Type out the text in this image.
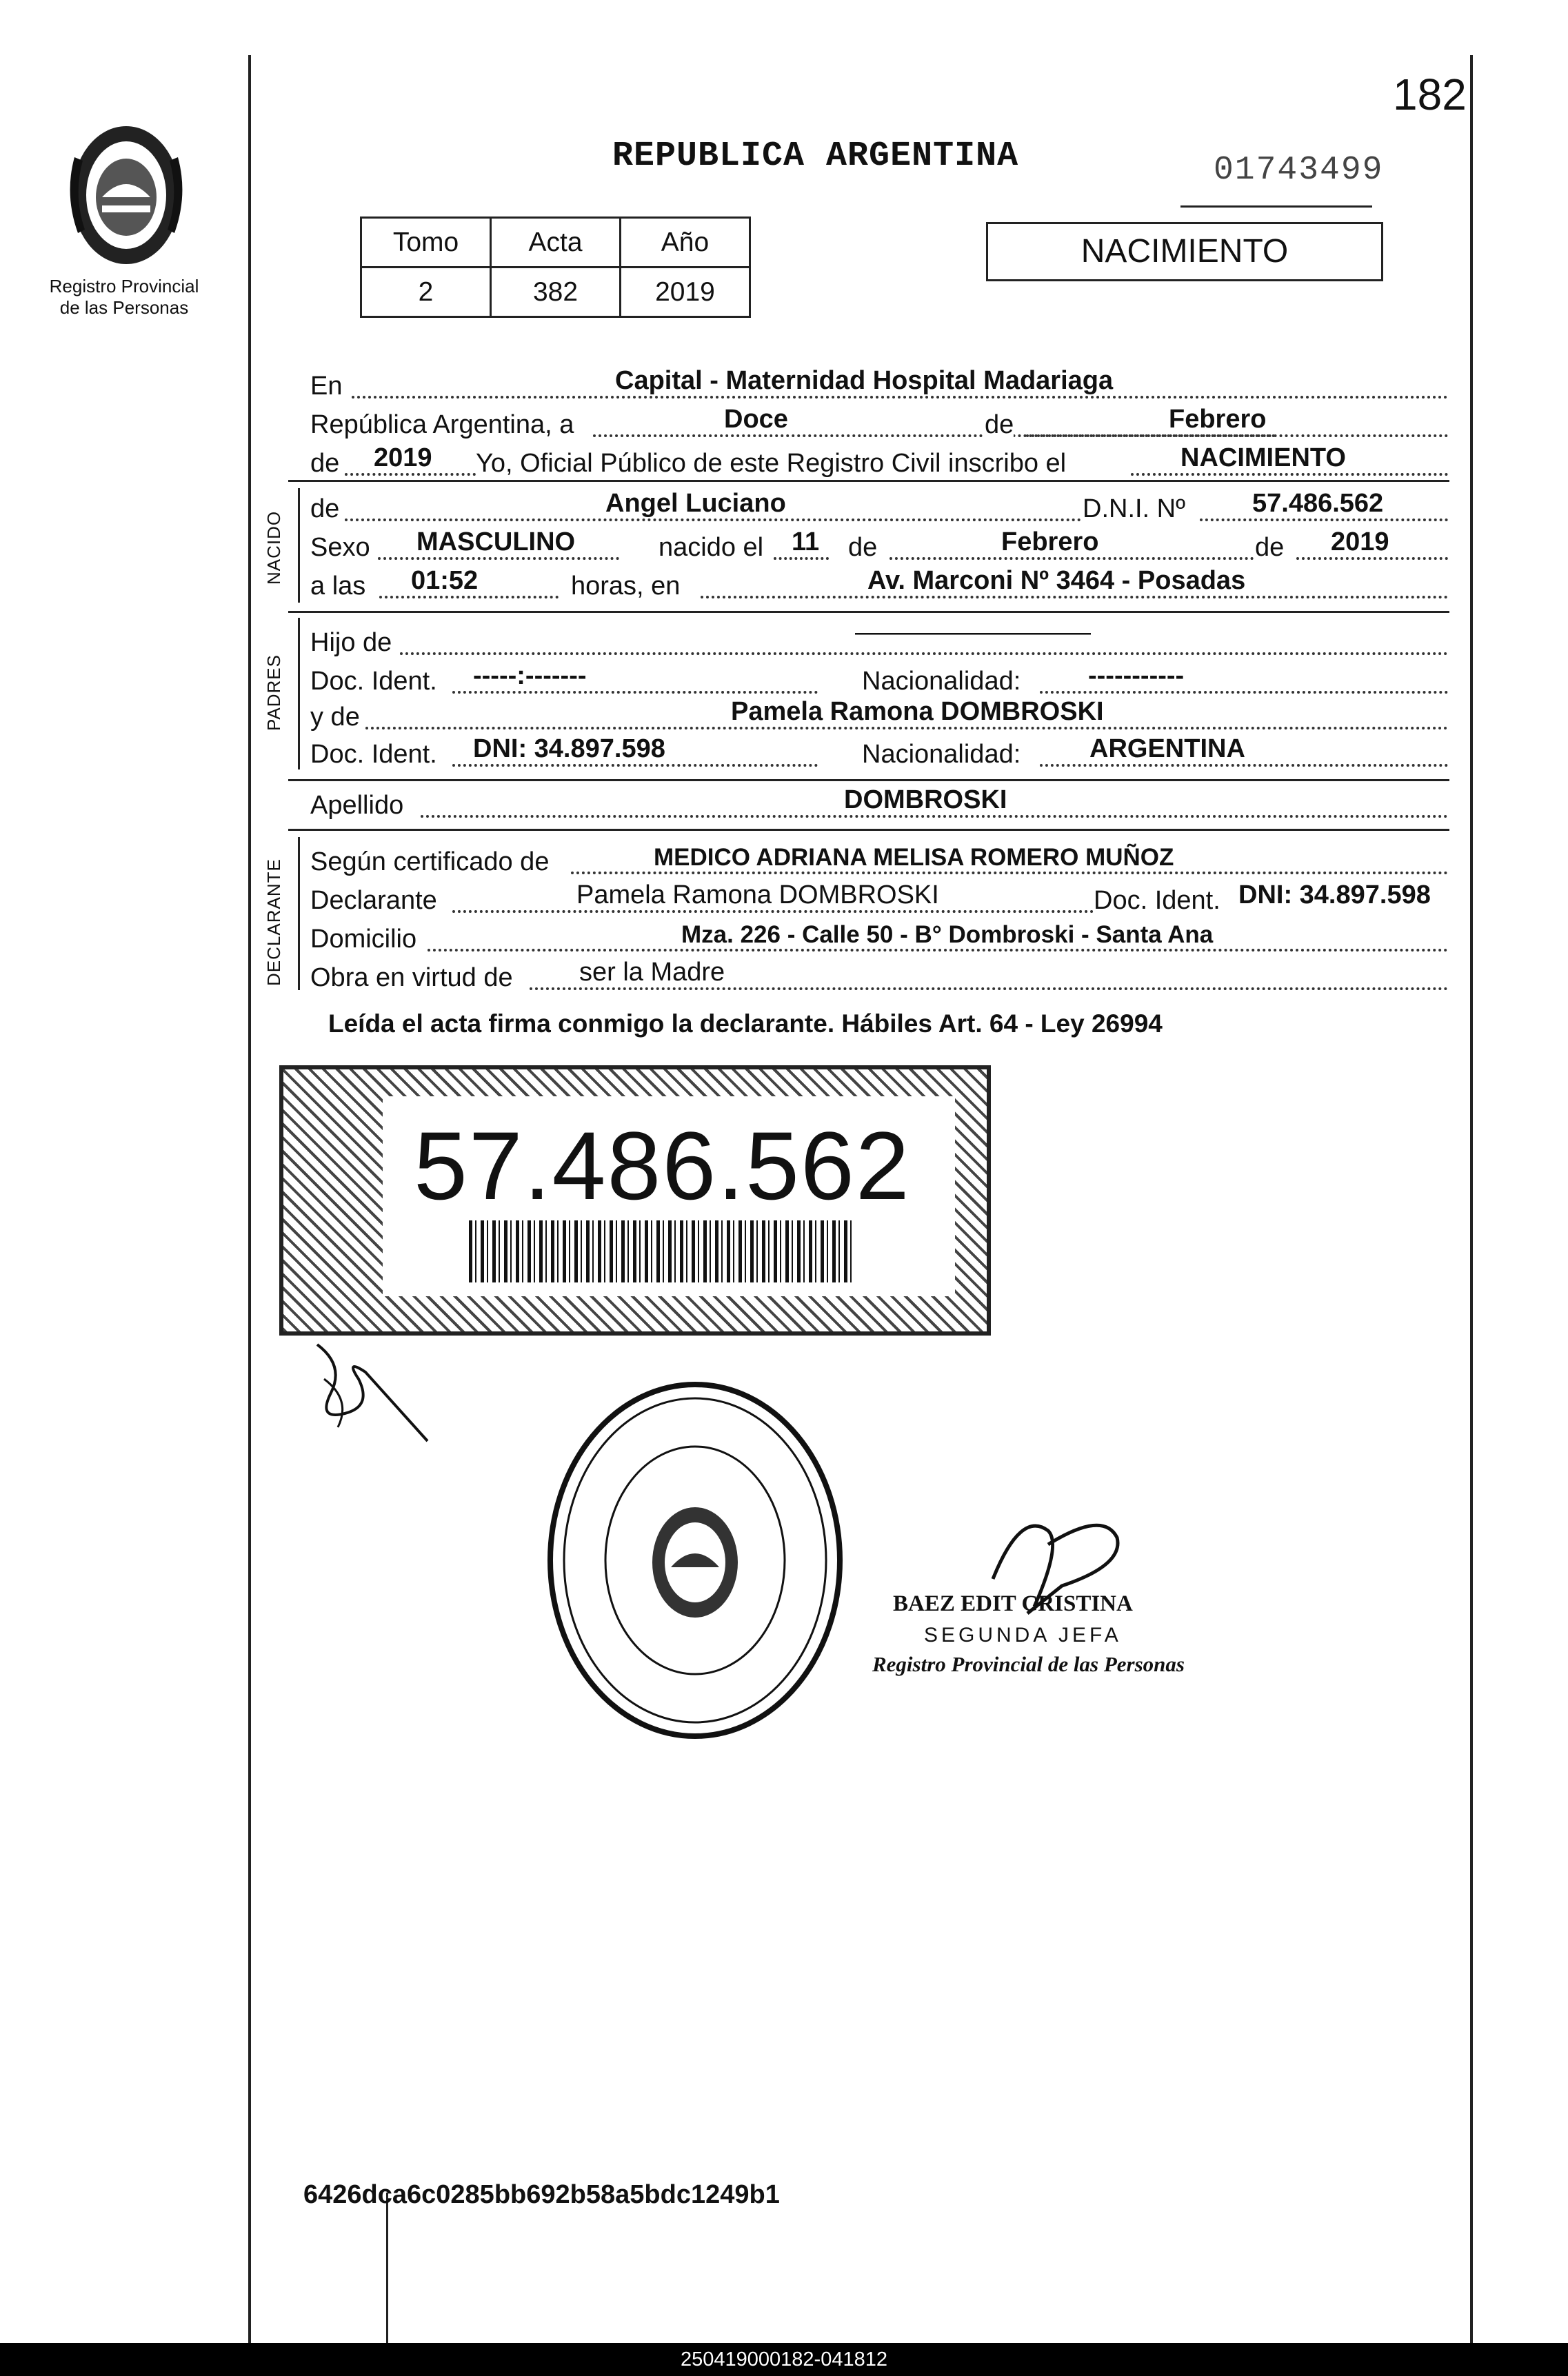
182
Registro Provincial
de las Personas
REPUBLICA ARGENTINA	01743499
Tomo	Acta	Año
2	382	2019
NACIMIENTO
En	Capital - Maternidad Hospital Madariaga
República Argentina, a	Doce	de	Febrero
de 2019 Yo, Oficial Público de este Registro Civil inscribo el	NACIMIENTO
NACIDO
de	Angel Luciano	D.N.I. Nº	57.486.562
Sexo MASCULINO	nacido el 11 de	Febrero	de 2019
a las 01:52	horas, en	Av. Marconi Nº 3464 - Posadas
PADRES
Hijo de	—————————
Doc. Ident. -----:-------	Nacionalidad:	-----------
y de	Pamela Ramona DOMBROSKI
Doc. Ident. DNI: 34.897.598	Nacionalidad:	ARGENTINA
Apellido	DOMBROSKI
DECLARANTE Según certificado de	MEDICO ADRIANA MELISA ROMERO MUÑOZ
Declarante	Pamela Ramona DOMBROSKI	Doc. Ident. DNI: 34.897.598
Domicilio	Mza. 226 - Calle 50 - B° Dombroski - Santa Ana
Obra en virtud de	ser la Madre
Leída el acta firma conmigo la declarante. Hábiles Art. 64 - Ley 26994
57.486.562
BAEZ EDIT CRISTINA
SEGUNDA JEFA
Registro Provincial de las Personas
6426dca6c0285bb692b58a5bdc1249b1
250419000182-041812
